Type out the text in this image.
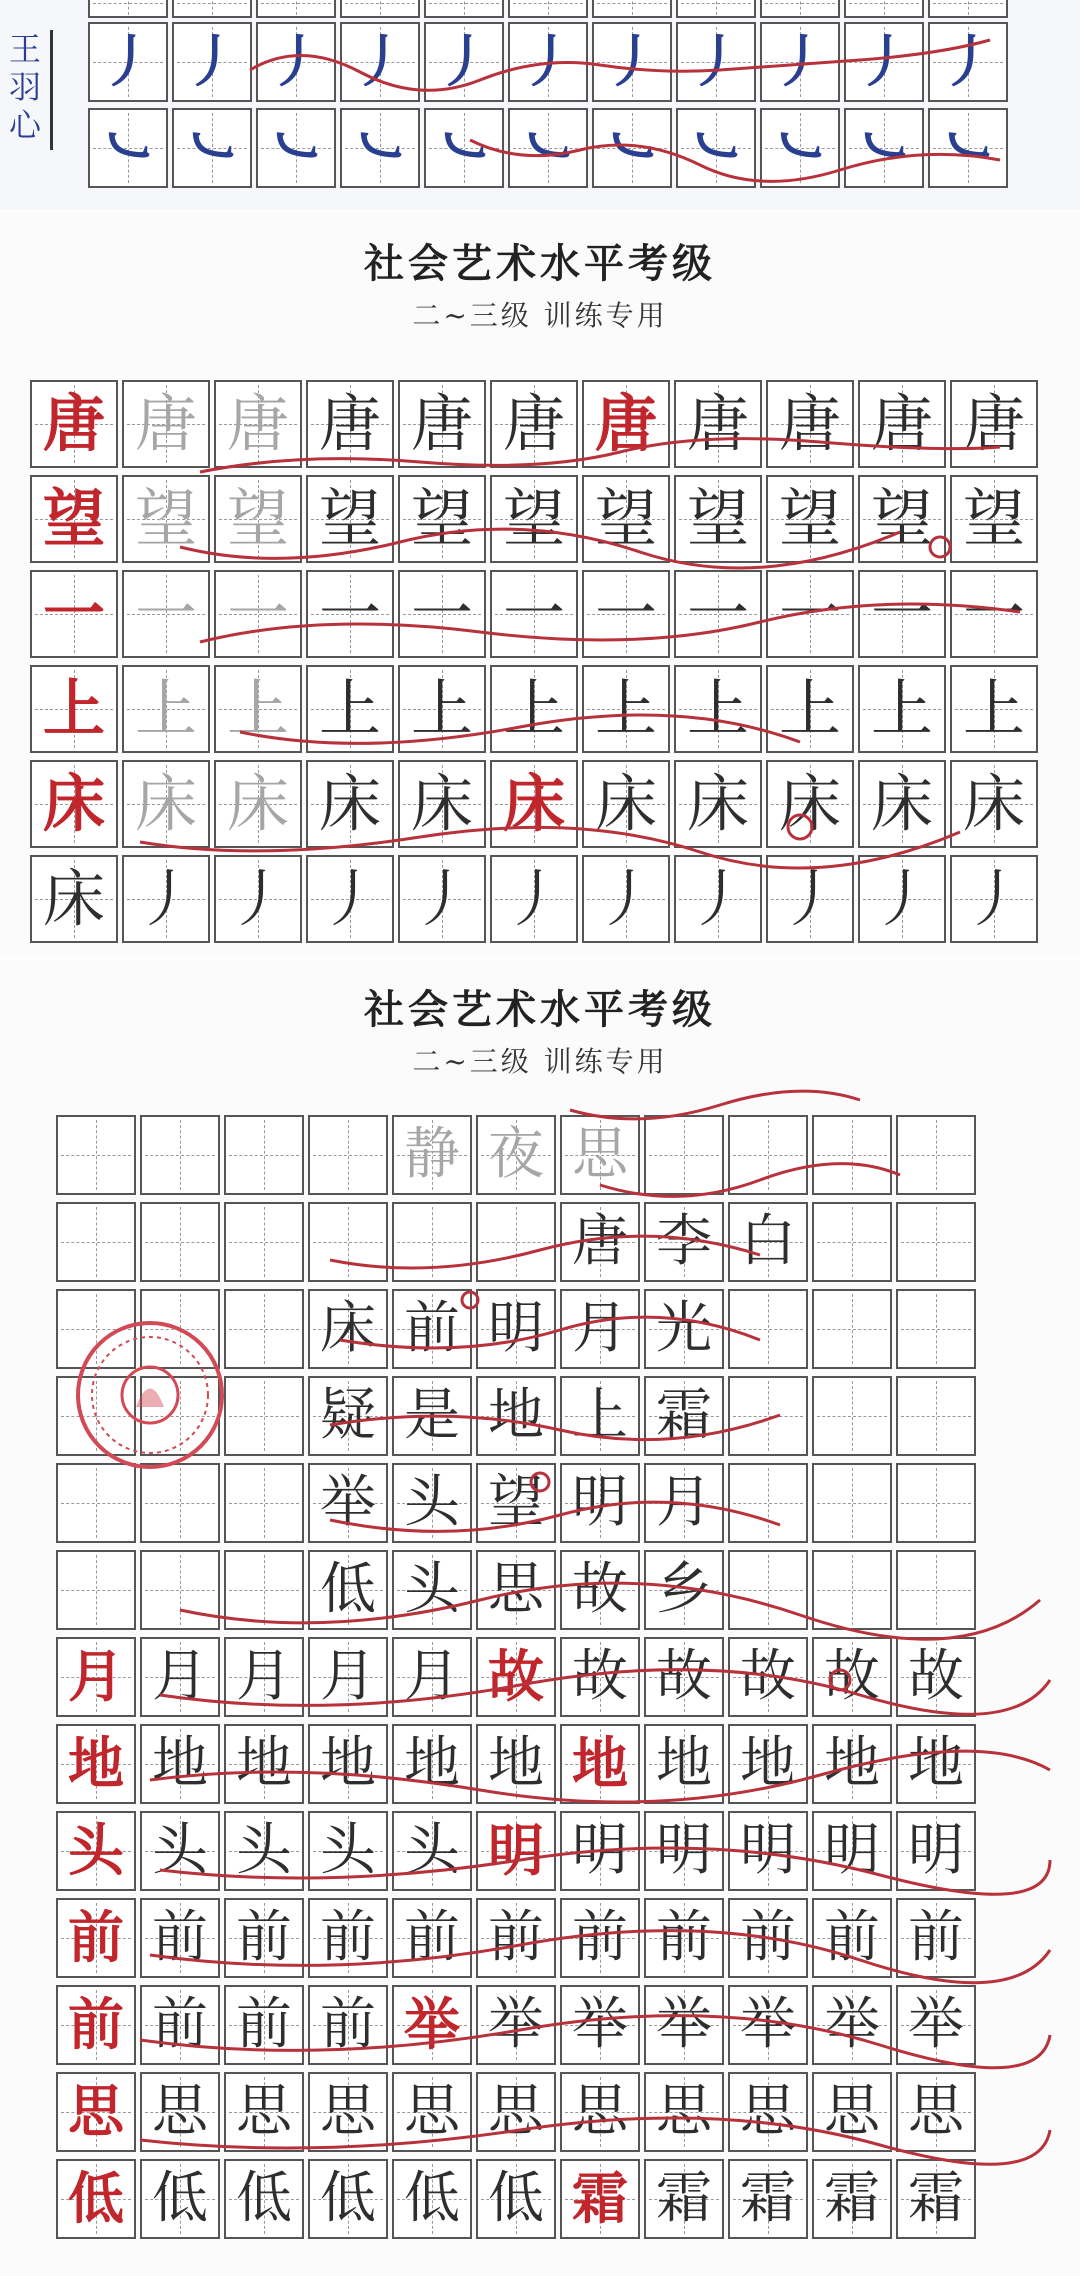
王羽心
丿 丿 丿 丿 丿 丿 丿 丿 丿 丿 丿
㇃ ㇃ ㇃ ㇃ ㇃ ㇃ ㇃ ㇃ ㇃ ㇃ ㇃
社会艺术水平考级
二~三级 训练专用
唐 唐 唐 唐 唐 唐 唐 唐 唐 唐 唐
望 望 望 望 望 望 望 望 望 望 望
一 一 一 一 一 一 一 一 一 一 一
上 上 上 上 上 上 上 上 上 上 上
床 床 床 床 床 床 床 床 床 床 床
床 丿 丿 丿 丿 丿 丿 丿 丿 丿 丿
社会艺术水平考级
二~三级 训练专用
静 夜 思
唐 李 白
床 前 明 月 光
疑 是 地 上 霜
举 头 望 明 月
低 头 思 故 乡
月 月 月 月 月 故 故 故 故 故 故
地 地 地 地 地 地 地 地 地 地 地
头 头 头 头 头 明 明 明 明 明 明
前 前 前 前 前 前 前 前 前 前 前
前 前 前 前 举 举 举 举 举 举 举
思 思 思 思 思 思 思 思 思 思 思
低 低 低 低 低 低 霜 霜 霜 霜 霜
